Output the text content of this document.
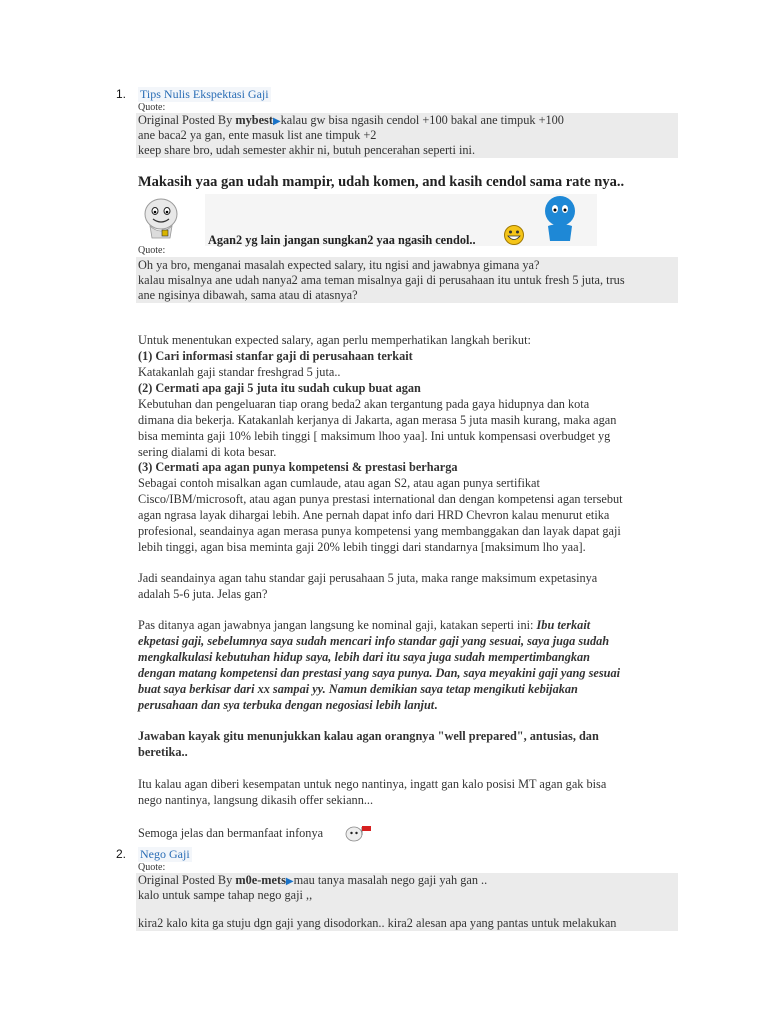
1. Tips Nulis Ekspektasi Gaji
Quote:
Original Posted By mybest▶kalau gw bisa ngasih cendol +100 bakal ane timpuk +100
ane baca2 ya gan, ente masuk list ane timpuk +2
keep share bro, udah semester akhir ni, butuh pencerahan seperti ini.
Makasih yaa gan udah mampir, udah komen, and kasih cendol sama rate nya..
Agan2 yg lain jangan sungkan2 yaa ngasih cendol..
Quote:
Oh ya bro, menganai masalah expected salary, itu ngisi and jawabnya gimana ya?
kalau misalnya ane udah nanya2 ama teman misalnya gaji di perusahaan itu untuk fresh 5 juta, trus
ane ngisinya dibawah, sama atau di atasnya?
Untuk menentukan expected salary, agan perlu memperhatikan langkah berikut:
(1) Cari informasi stanfar gaji di perusahaan terkait
Katakanlah gaji standar freshgrad 5 juta..
(2) Cermati apa gaji 5 juta itu sudah cukup buat agan
Kebutuhan dan pengeluaran tiap orang beda2 akan tergantung pada gaya hidupnya dan kota
dimana dia bekerja. Katakanlah kerjanya di Jakarta, agan merasa 5 juta masih kurang, maka agan
bisa meminta gaji 10% lebih tinggi [ maksimum lhoo yaa]. Ini untuk kompensasi overbudget yg
sering dialami di kota besar.
(3) Cermati apa agan punya kompetensi & prestasi berharga
Sebagai contoh misalkan agan cumlaude, atau agan S2, atau agan punya sertifikat
Cisco/IBM/microsoft, atau agan punya prestasi international dan dengan kompetensi agan tersebut
agan ngrasa layak dihargai lebih. Ane pernah dapat info dari HRD Chevron kalau menurut etika
profesional, seandainya agan merasa punya kompetensi yang membanggakan dan layak dapat gaji
lebih tinggi, agan bisa meminta gaji 20% lebih tinggi dari standarnya [maksimum lho yaa].
Jadi seandainya agan tahu standar gaji perusahaan 5 juta, maka range maksimum expetasinya
adalah 5-6 juta. Jelas gan?
Pas ditanya agan jawabnya jangan langsung ke nominal gaji, katakan seperti ini: Ibu terkait
ekpetasi gaji, sebelumnya saya sudah mencari info standar gaji yang sesuai, saya juga sudah
mengkalkulasi kebutuhan hidup saya, lebih dari itu saya juga sudah mempertimbangkan
dengan matang kompetensi dan prestasi yang saya punya. Dan, saya meyakini gaji yang sesuai
buat saya berkisar dari xx sampai yy. Namun demikian saya tetap mengikuti kebijakan
perusahaan dan sya terbuka dengan negosiasi lebih lanjut.
Jawaban kayak gitu menunjukkan kalau agan orangnya "well prepared", antusias, dan
beretika..
Itu kalau agan diberi kesempatan untuk nego nantinya, ingatt gan kalo posisi MT agan gak bisa
nego nantinya, langsung dikasih offer sekiann...
Semoga jelas dan bermanfaat infonya
2. Nego Gaji
Quote:
Original Posted By m0e-mets▶mau tanya masalah nego gaji yah gan ..
kalo untuk sampe tahap nego gaji ,,
kira2 kalo kita ga stuju dgn gaji yang disodorkan.. kira2 alesan apa yang pantas untuk melakukan
